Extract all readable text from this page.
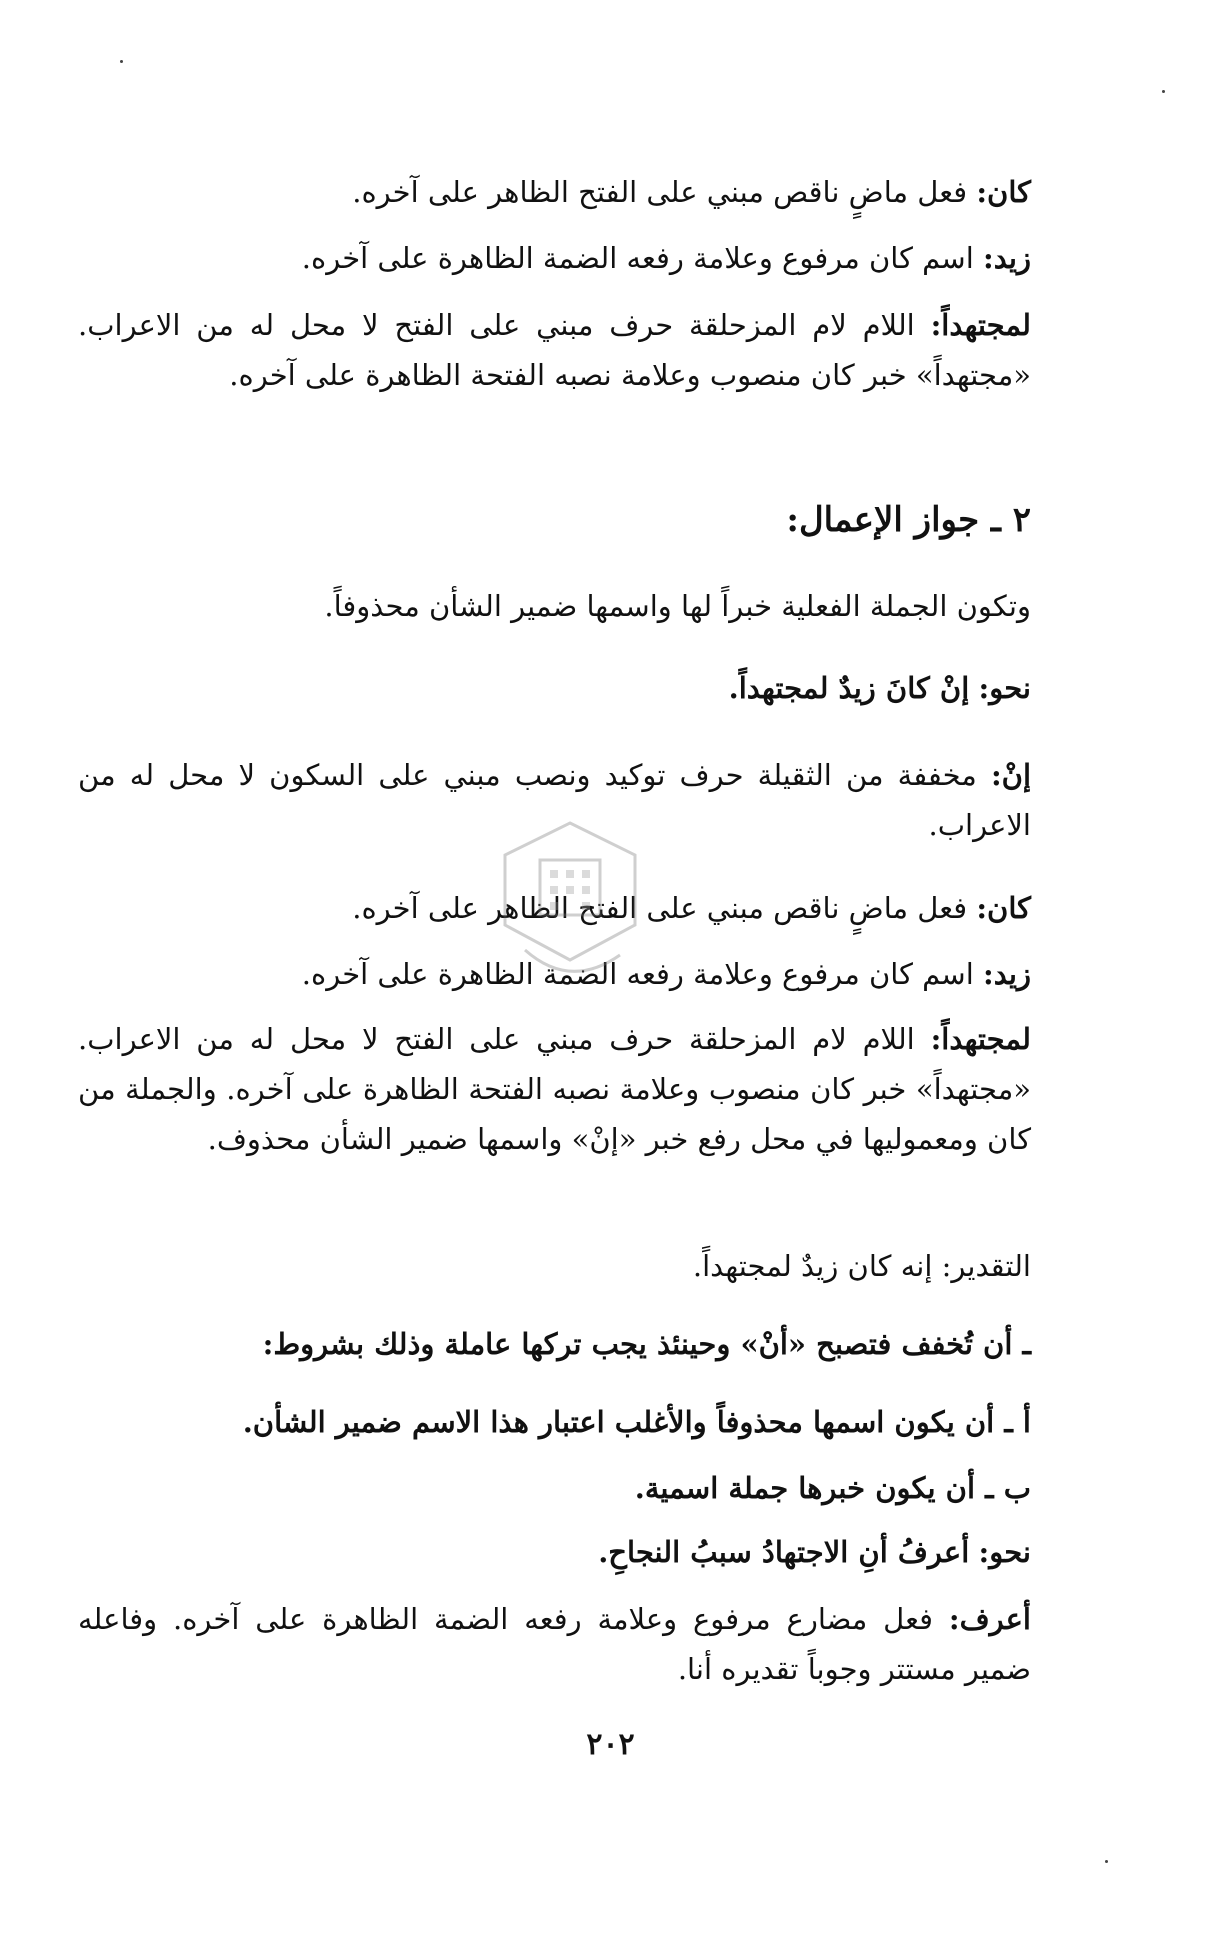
كان: فعل ماضٍ ناقص مبني على الفتح الظاهر على آخره.
زيد: اسم كان مرفوع وعلامة رفعه الضمة الظاهرة على آخره.
لمجتهداً: اللام لام المزحلقة حرف مبني على الفتح لا محل له من الاعراب. «مجتهداً» خبر كان منصوب وعلامة نصبه الفتحة الظاهرة على آخره.
٢ ـ جواز الإعمال:
وتكون الجملة الفعلية خبراً لها واسمها ضمير الشأن محذوفاً.
نحو: إنْ كانَ زيدٌ لمجتهداً.
إنْ: مخففة من الثقيلة حرف توكيد ونصب مبني على السكون لا محل له من الاعراب.
كان: فعل ماضٍ ناقص مبني على الفتح الظاهر على آخره.
زيد: اسم كان مرفوع وعلامة رفعه الضمة الظاهرة على آخره.
لمجتهداً: اللام لام المزحلقة حرف مبني على الفتح لا محل له من الاعراب. «مجتهداً» خبر كان منصوب وعلامة نصبه الفتحة الظاهرة على آخره. والجملة من كان ومعموليها في محل رفع خبر «إنْ» واسمها ضمير الشأن محذوف.
التقدير: إنه كان زيدٌ لمجتهداً.
ـ أن تُخفف فتصبح «أنْ» وحينئذ يجب تركها عاملة وذلك بشروط:
أ ـ أن يكون اسمها محذوفاً والأغلب اعتبار هذا الاسم ضمير الشأن.
ب ـ أن يكون خبرها جملة اسمية.
نحو: أعرفُ أنِ الاجتهادُ سببُ النجاحِ.
أعرف: فعل مضارع مرفوع وعلامة رفعه الضمة الظاهرة على آخره. وفاعله ضمير مستتر وجوباً تقديره أنا.
٢٠٢
